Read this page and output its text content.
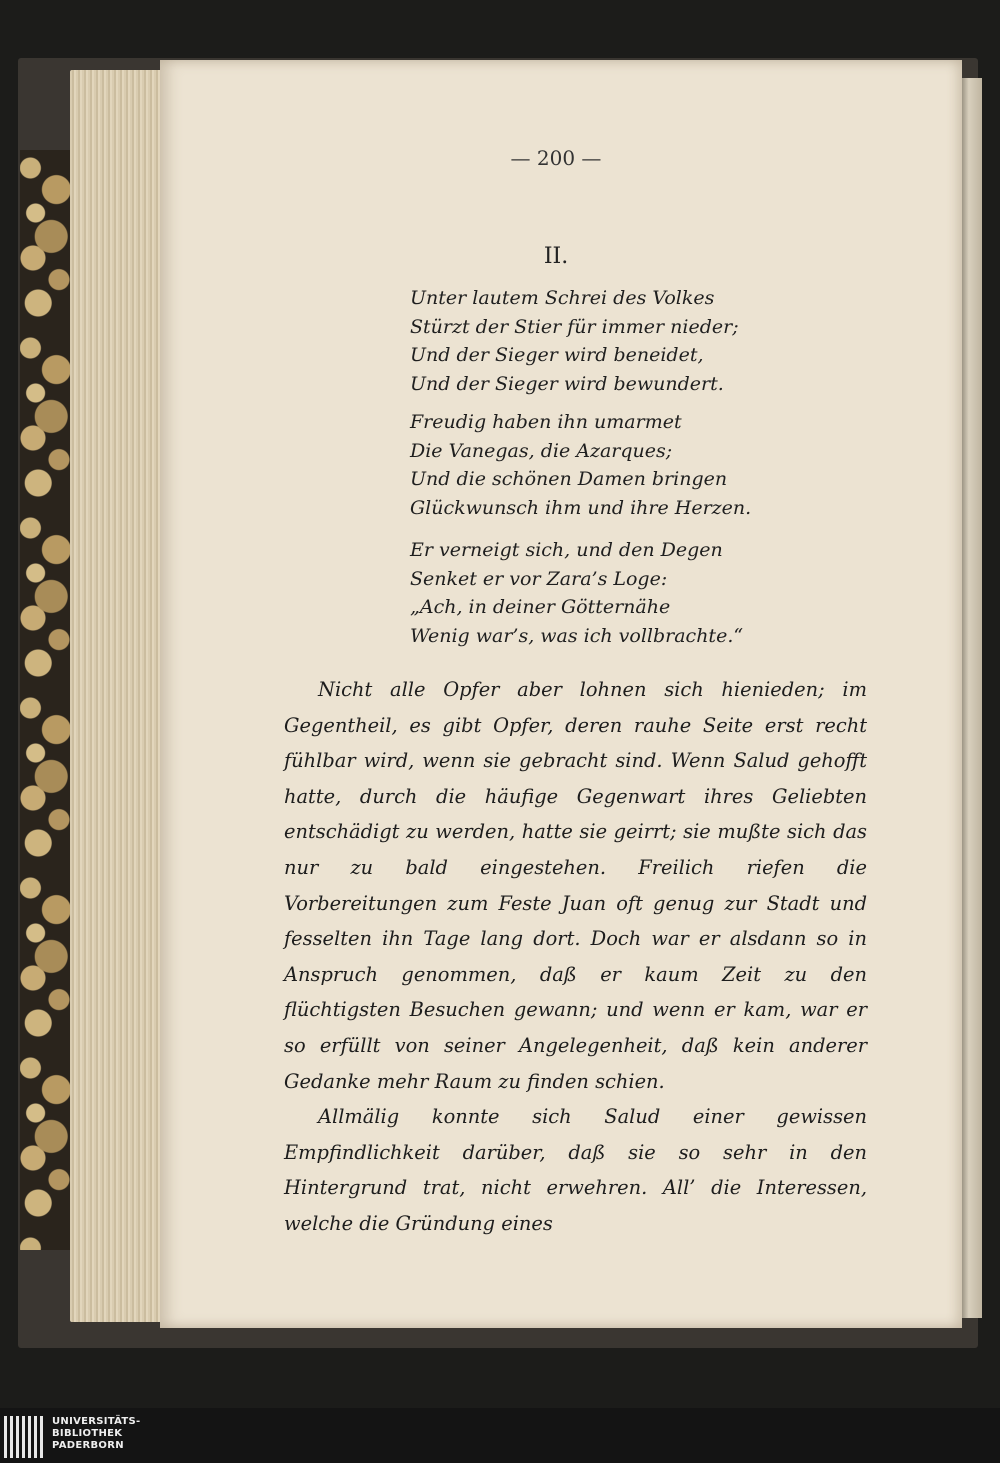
— 200 —
II.
Unter lautem Schrei des Volkes
Stürzt der Stier für immer nieder;
Und der Sieger wird beneidet,
Und der Sieger wird bewundert.
Freudig haben ihn umarmet
Die Vanegas, die Azarques;
Und die schönen Damen bringen
Glückwunsch ihm und ihre Herzen.
Er verneigt sich, und den Degen
Senket er vor Zara’s Loge:
„Ach, in deiner Götternähe
Wenig war’s, was ich vollbrachte.“

Nicht alle Opfer aber lohnen sich hienieden; im Gegentheil, es gibt Opfer, deren rauhe Seite erst recht fühlbar wird, wenn sie gebracht sind. Wenn Salud gehofft hatte, durch die häufige Gegenwart ihres Geliebten entschädigt zu werden, hatte sie geirrt; sie mußte sich das nur zu bald eingestehen. Freilich riefen die Vorbereitungen zum Feste Juan oft genug zur Stadt und fesselten ihn Tage lang dort. Doch war er alsdann so in Anspruch genommen, daß er kaum Zeit zu den flüchtigsten Besuchen gewann; und wenn er kam, war er so erfüllt von seiner Angelegenheit, daß kein anderer Gedanke mehr Raum zu finden schien.

Allmälig konnte sich Salud einer gewissen Empfindlichkeit darüber, daß sie so sehr in den Hintergrund trat, nicht erwehren. All’ die Interessen, welche die Gründung eines

UNIVERSITÄTS-
BIBLIOTHEK
PADERBORN
